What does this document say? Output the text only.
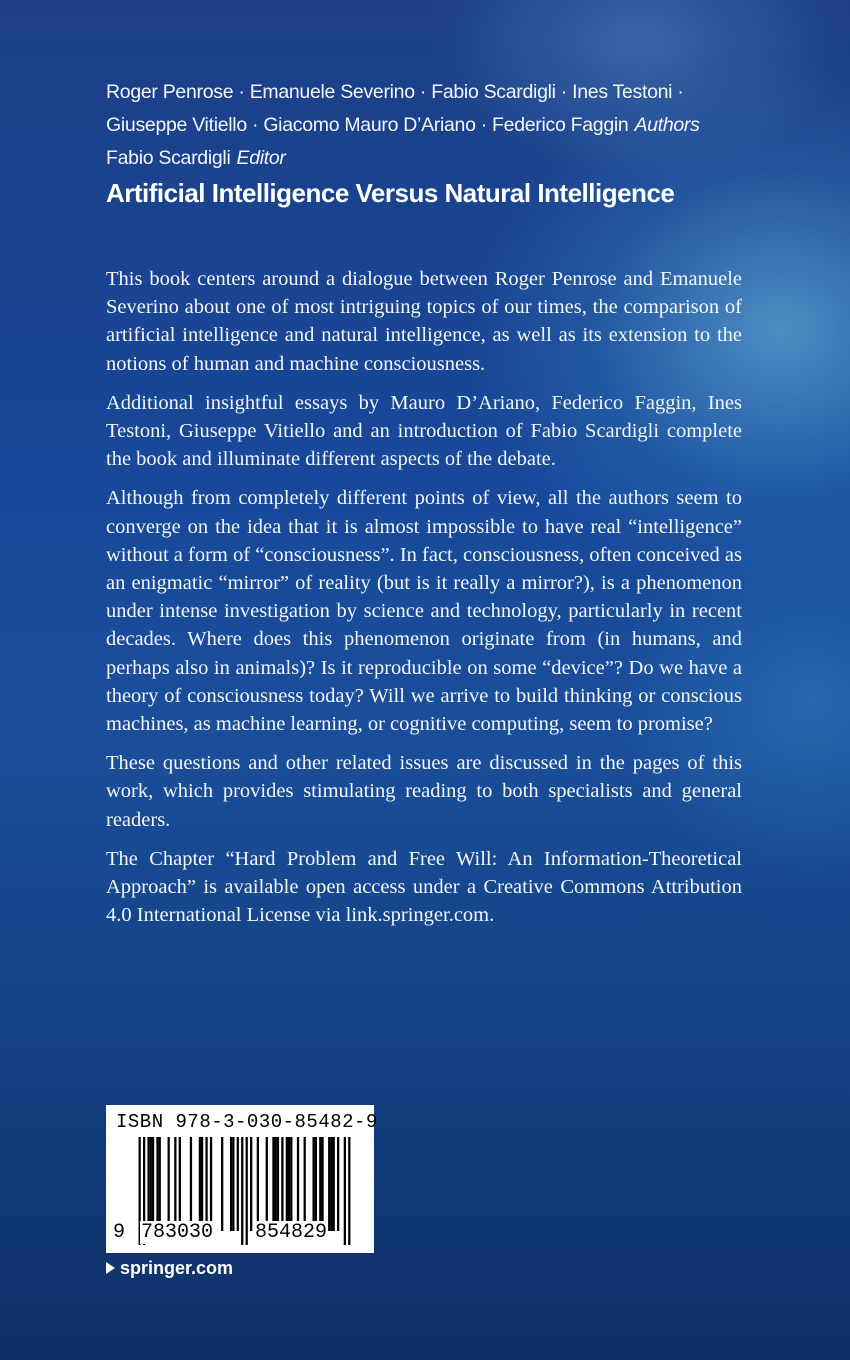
Roger Penrose · Emanuele Severino · Fabio Scardigli · Ines Testoni ·
Giuseppe Vitiello · Giacomo Mauro D’Ariano · Federico Faggin Authors
Fabio Scardigli Editor
Artificial Intelligence Versus Natural Intelligence

This book centers around a dialogue between Roger Penrose and Emanuele Severino about one of most intriguing topics of our times, the comparison of artificial intelligence and natural intelligence, as well as its extension to the notions of human and machine consciousness.

Additional insightful essays by Mauro D’Ariano, Federico Faggin, Ines Testoni, Giuseppe Vitiello and an introduction of Fabio Scardigli complete the book and illuminate different aspects of the debate.

Although from completely different points of view, all the authors seem to converge on the idea that it is almost impossible to have real “intelligence” without a form of “consciousness”. In fact, consciousness, often conceived as an enigmatic “mirror” of reality (but is it really a mirror?), is a phenomenon under intense investigation by science and technology, particularly in recent decades. Where does this phenomenon originate from (in humans, and perhaps also in animals)? Is it reproducible on some “device”? Do we have a theory of consciousness today? Will we arrive to build thinking or conscious machines, as machine learning, or cognitive computing, seem to promise?

These questions and other related issues are discussed in the pages of this work, which provides stimulating reading to both specialists and general readers.

The Chapter “Hard Problem and Free Will: An Information-Theoretical Approach” is available open access under a Creative Commons Attribution 4.0 International License via link.springer.com.

ISBN 978-3-030-85482-9
9 783030 854829
springer.com
